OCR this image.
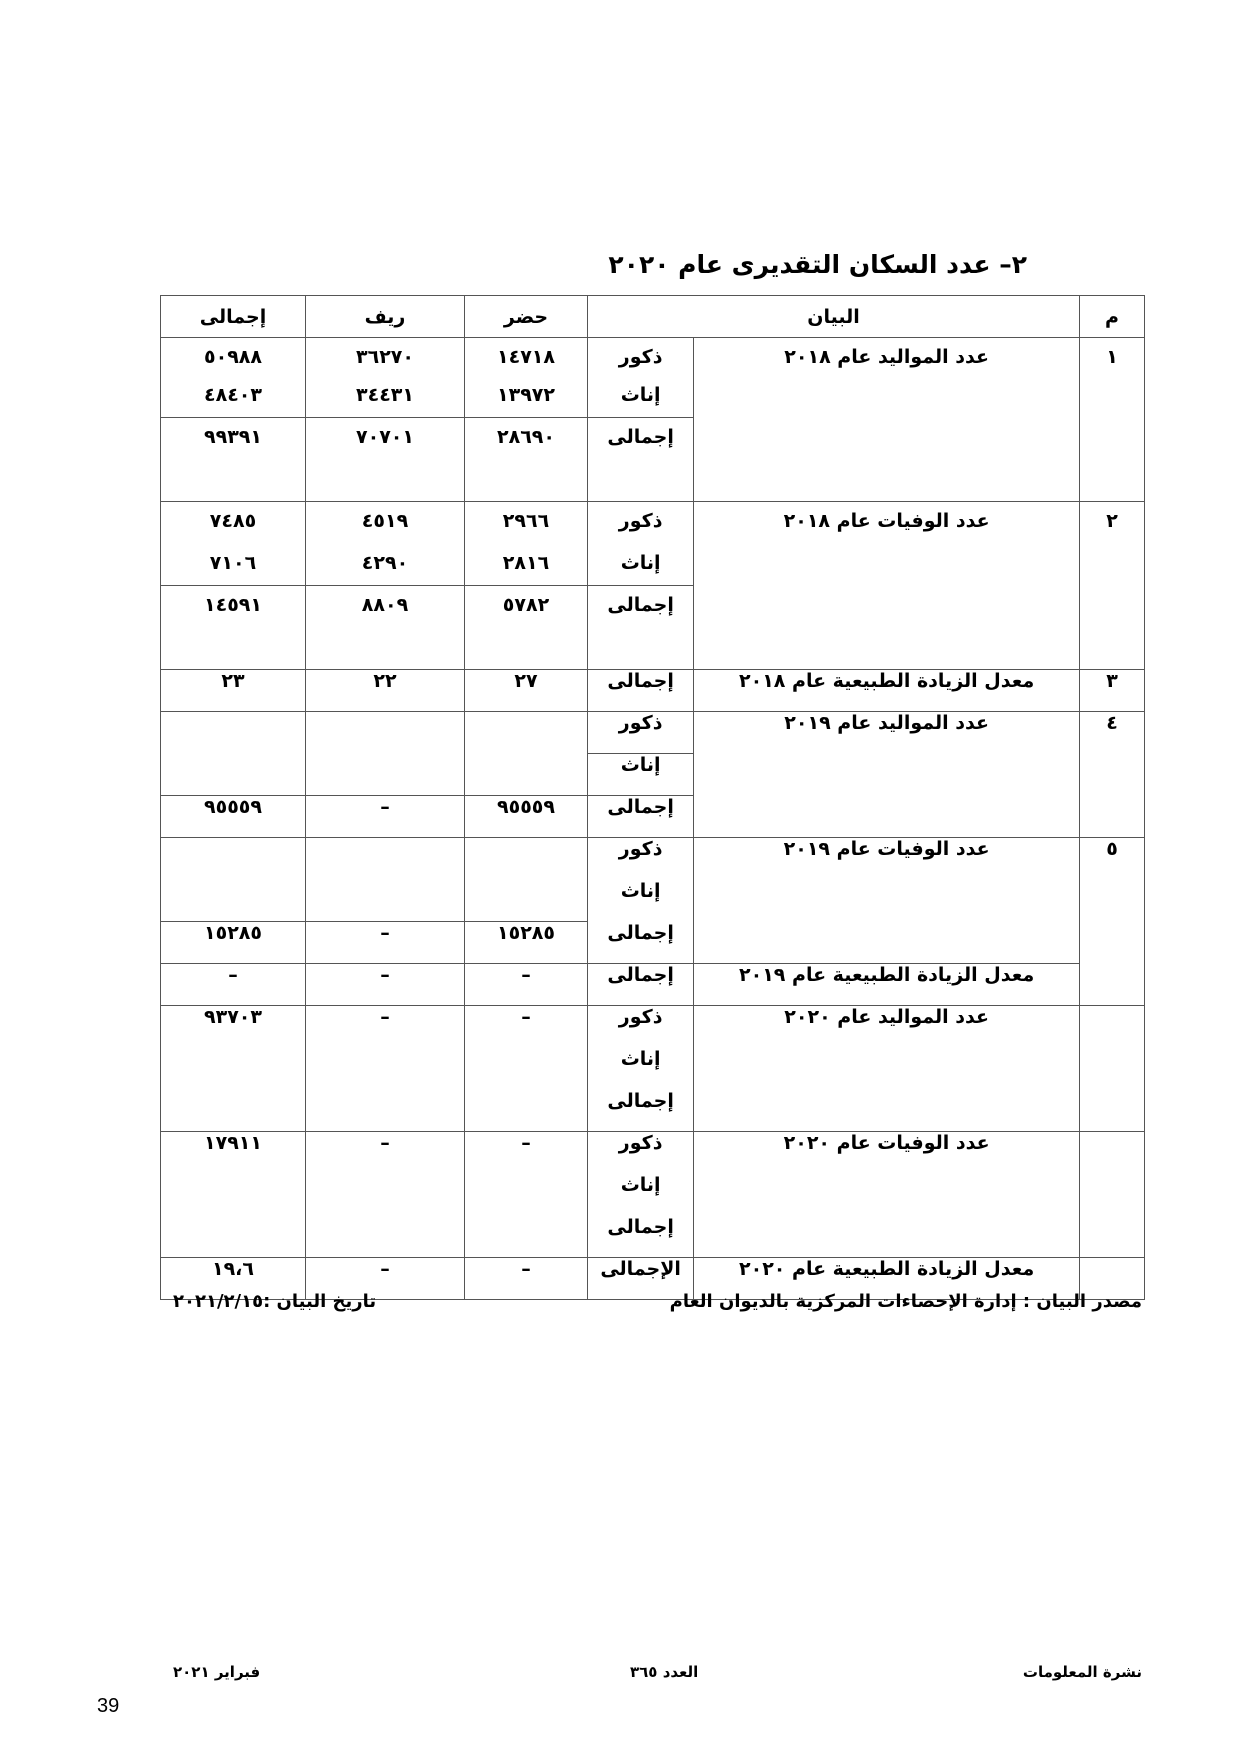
٢– عدد السكان التقديرى عام ٢٠٢٠
م	البيان		حضر	ريف	إجمالى

١	عدد المواليد عام ٢٠١٨	ذكور	١٤٧١٨	٣٦٢٧٠	٥٠٩٨٨

		إناث	١٣٩٧٢	٣٤٤٣١	٤٨٤٠٣

		إجمالى	٢٨٦٩٠	٧٠٧٠١	٩٩٣٩١

٢	عدد الوفيات عام ٢٠١٨	ذكور	٢٩٦٦	٤٥١٩	٧٤٨٥

		إناث	٢٨١٦	٤٢٩٠	٧١٠٦

		إجمالى	٥٧٨٢	٨٨٠٩	١٤٥٩١

٣	معدل الزيادة الطبيعية عام ٢٠١٨	إجمالى	٢٧	٢٢	٢٣
٤	عدد المواليد عام ٢٠١٩	ذكور			
		إناث			
		إجمالى	٩٥٥٥٩	–	٩٥٥٥٩
٥	عدد الوفيات عام ٢٠١٩	ذكور			
		إناث			
		إجمالى	١٥٢٨٥	–	١٥٢٨٥
	معدل الزيادة الطبيعية عام ٢٠١٩	إجمالى	–	–	–
	عدد المواليد عام ٢٠٢٠	ذكور	–	–	٩٣٧٠٣
		إناث			
		إجمالى			
	عدد الوفيات عام ٢٠٢٠	ذكور	–	–	١٧٩١١
		إناث			
		إجمالى			
	معدل الزيادة الطبيعية عام ٢٠٢٠	الإجمالى	–	–	١٩،٦
مصدر البيان : إدارة الإحصاءات المركزية بالديوان العام
تاريخ البيان :٢٠٢١/٢/١٥
نشرة المعلومات
العدد ٣٦٥
فبراير ٢٠٢١
39
